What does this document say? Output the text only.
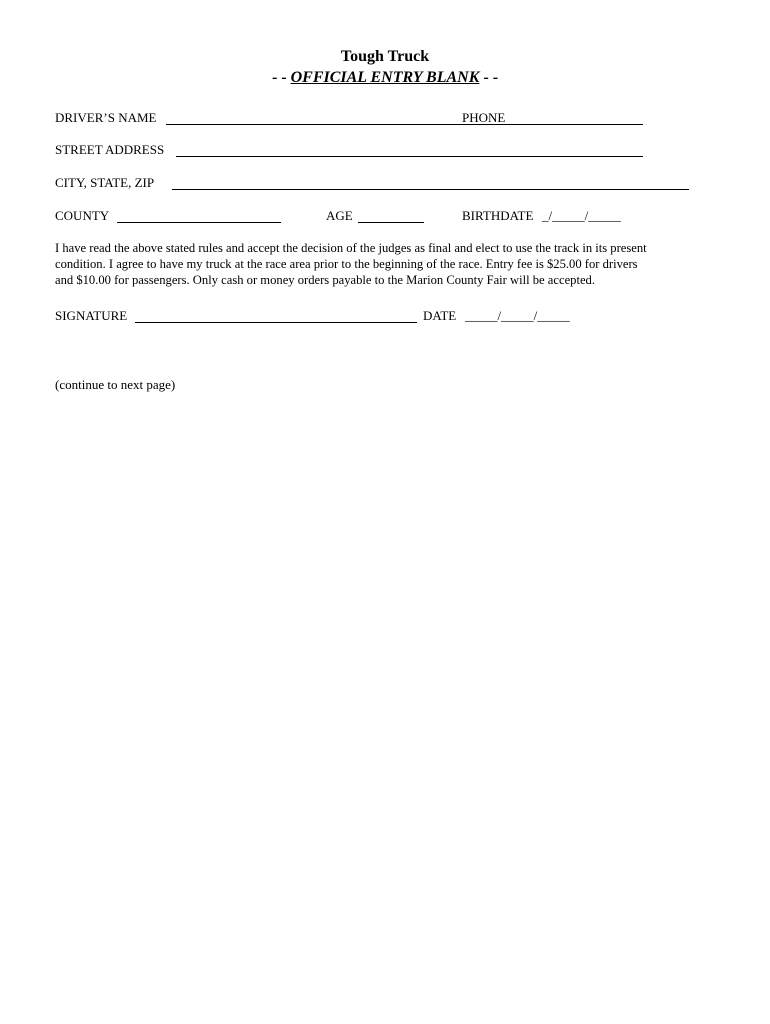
Tough Truck
- - OFFICIAL ENTRY BLANK - -
DRIVER’S NAME	PHONE
STREET ADDRESS
CITY, STATE, ZIP
COUNTY	AGE	BIRTHDATE _/_____/_____
I have read the above stated rules and accept the decision of the judges as final and elect to use the track in its present
condition. I agree to have my truck at the race area prior to the beginning of the race. Entry fee is $25.00 for drivers
and $10.00 for passengers. Only cash or money orders payable to the Marion County Fair will be accepted.
SIGNATURE	DATE _____/_____/_____
(continue to next page)
